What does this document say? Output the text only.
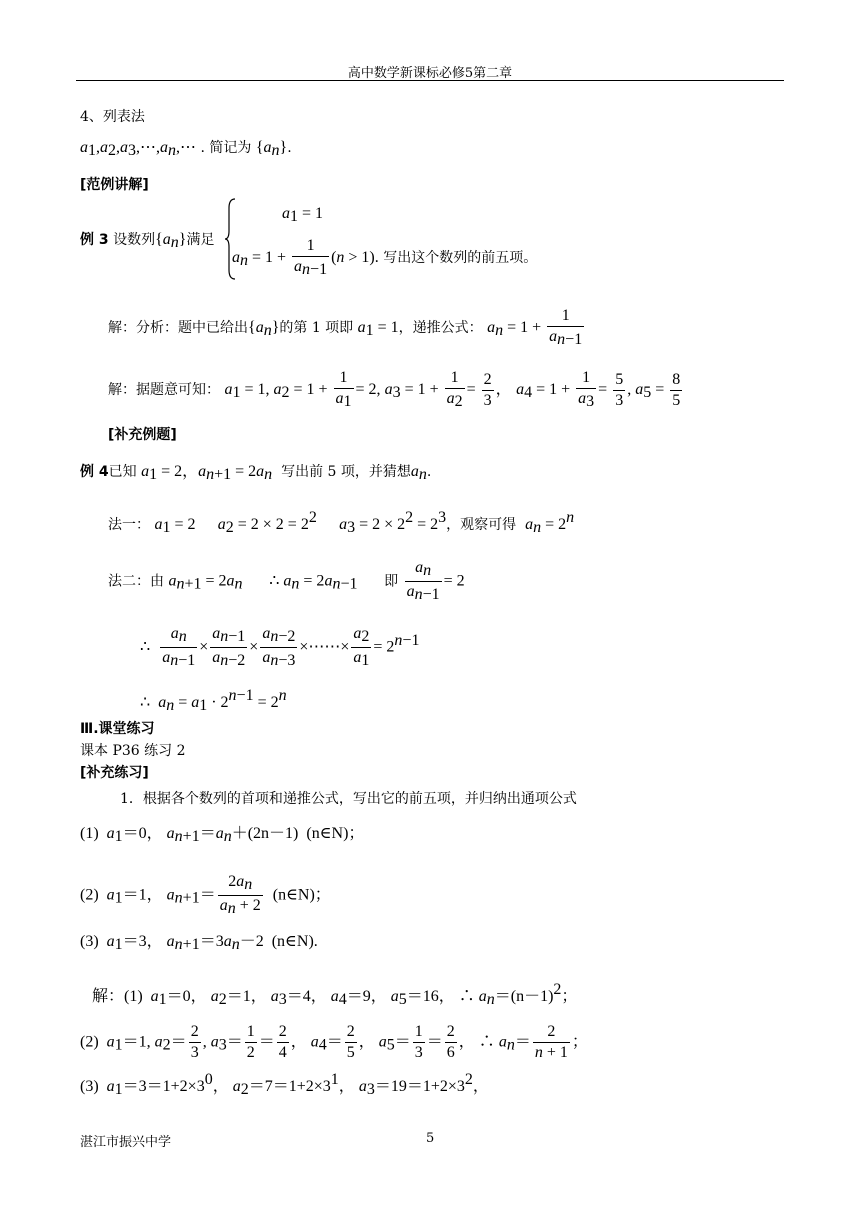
高中数学新课标必修5第二章
4、列表法
$a_1,a_2,a_3,\cdots,a_n,\cdots$ . 简记为 $\{a_n\}$.
[范例讲解]
例 3 设数列$\{a_n\}$满足
$a_1 = 1$
$a_n = 1 + \frac{1}{a_{n-1}} (n > 1)$. 写出这个数列的前五项。
解：分析：题中已给出$\{a_n\}$的第 1 项即 $a_1 = 1$，递推公式： $a_n = 1 + \frac{1}{a_{n-1}}$
解：据题意可知： $a_1 = 1$, $a_2 = 1 + \frac{1}{a_1} = 2$, $a_3 = 1 + \frac{1}{a_2} = \frac{2}{3}$ ， $a_4 = 1 + \frac{1}{a_3} = \frac{5}{3}$ , $a_5 = \frac{8}{5}$
[补充例题]
例 4已知 $a_1 = 2$，$a_{n+1} = 2a_n$ 写出前 5 项，并猜想$a_n$.
法一： $a_1 = 2$ $a_2 = 2 \times 2 = 2^2$ $a_3 = 2 \times 2^2 = 2^3$，观察可得 $a_n = 2^n$
法二：由 $a_{n+1} = 2a_n$ ∴ $a_n = 2a_{n-1}$ 即 $\frac{a_n}{a_{n-1}} = 2$
∴ $\frac{a_n}{a_{n-1}} \times \frac{a_{n-1}}{a_{n-2}} \times \frac{a_{n-2}}{a_{n-3}}$ ×⋯⋯× $\frac{a_2}{a_1} = 2^{n-1}$
∴  $a_n = a_1 \cdot 2^{n-1} = 2^n$
Ⅲ.课堂练习
课本 P36 练习 2
[补充练习]
1．根据各个数列的首项和递推公式，写出它的前五项，并归纳出通项公式
(1)  $a_1=0$， $a_{n+1}=a_n+(2n-1)$  (n∈N)；
(2)  $a_1=1$， $a_{n+1}= \frac{2a_n}{a_n + 2}$ (n∈N)；
(3)  $a_1=3$， $a_{n+1}=3a_n-2$  (n∈N).
解：(1)  $a_1=0$， $a_2=1$， $a_3=4$， $a_4=9$， $a_5=16$， ∴ $a_n=(n-1)^2$；
(2)  $a_1=1$, $a_2= \frac{2}{3}$ , $a_3= \frac{1}{2} = \frac{2}{4}$ ， $a_4= \frac{2}{5}$ ， $a_5= \frac{1}{3} = \frac{2}{6}$ ， ∴ $a_n= \frac{2}{n + 1}$ ；
(3)  $a_1=3=1+2\times 3^0$， $a_2=7=1+2\times 3^1$， $a_3=19=1+2\times 3^2$，
湛江市振兴中学	5
